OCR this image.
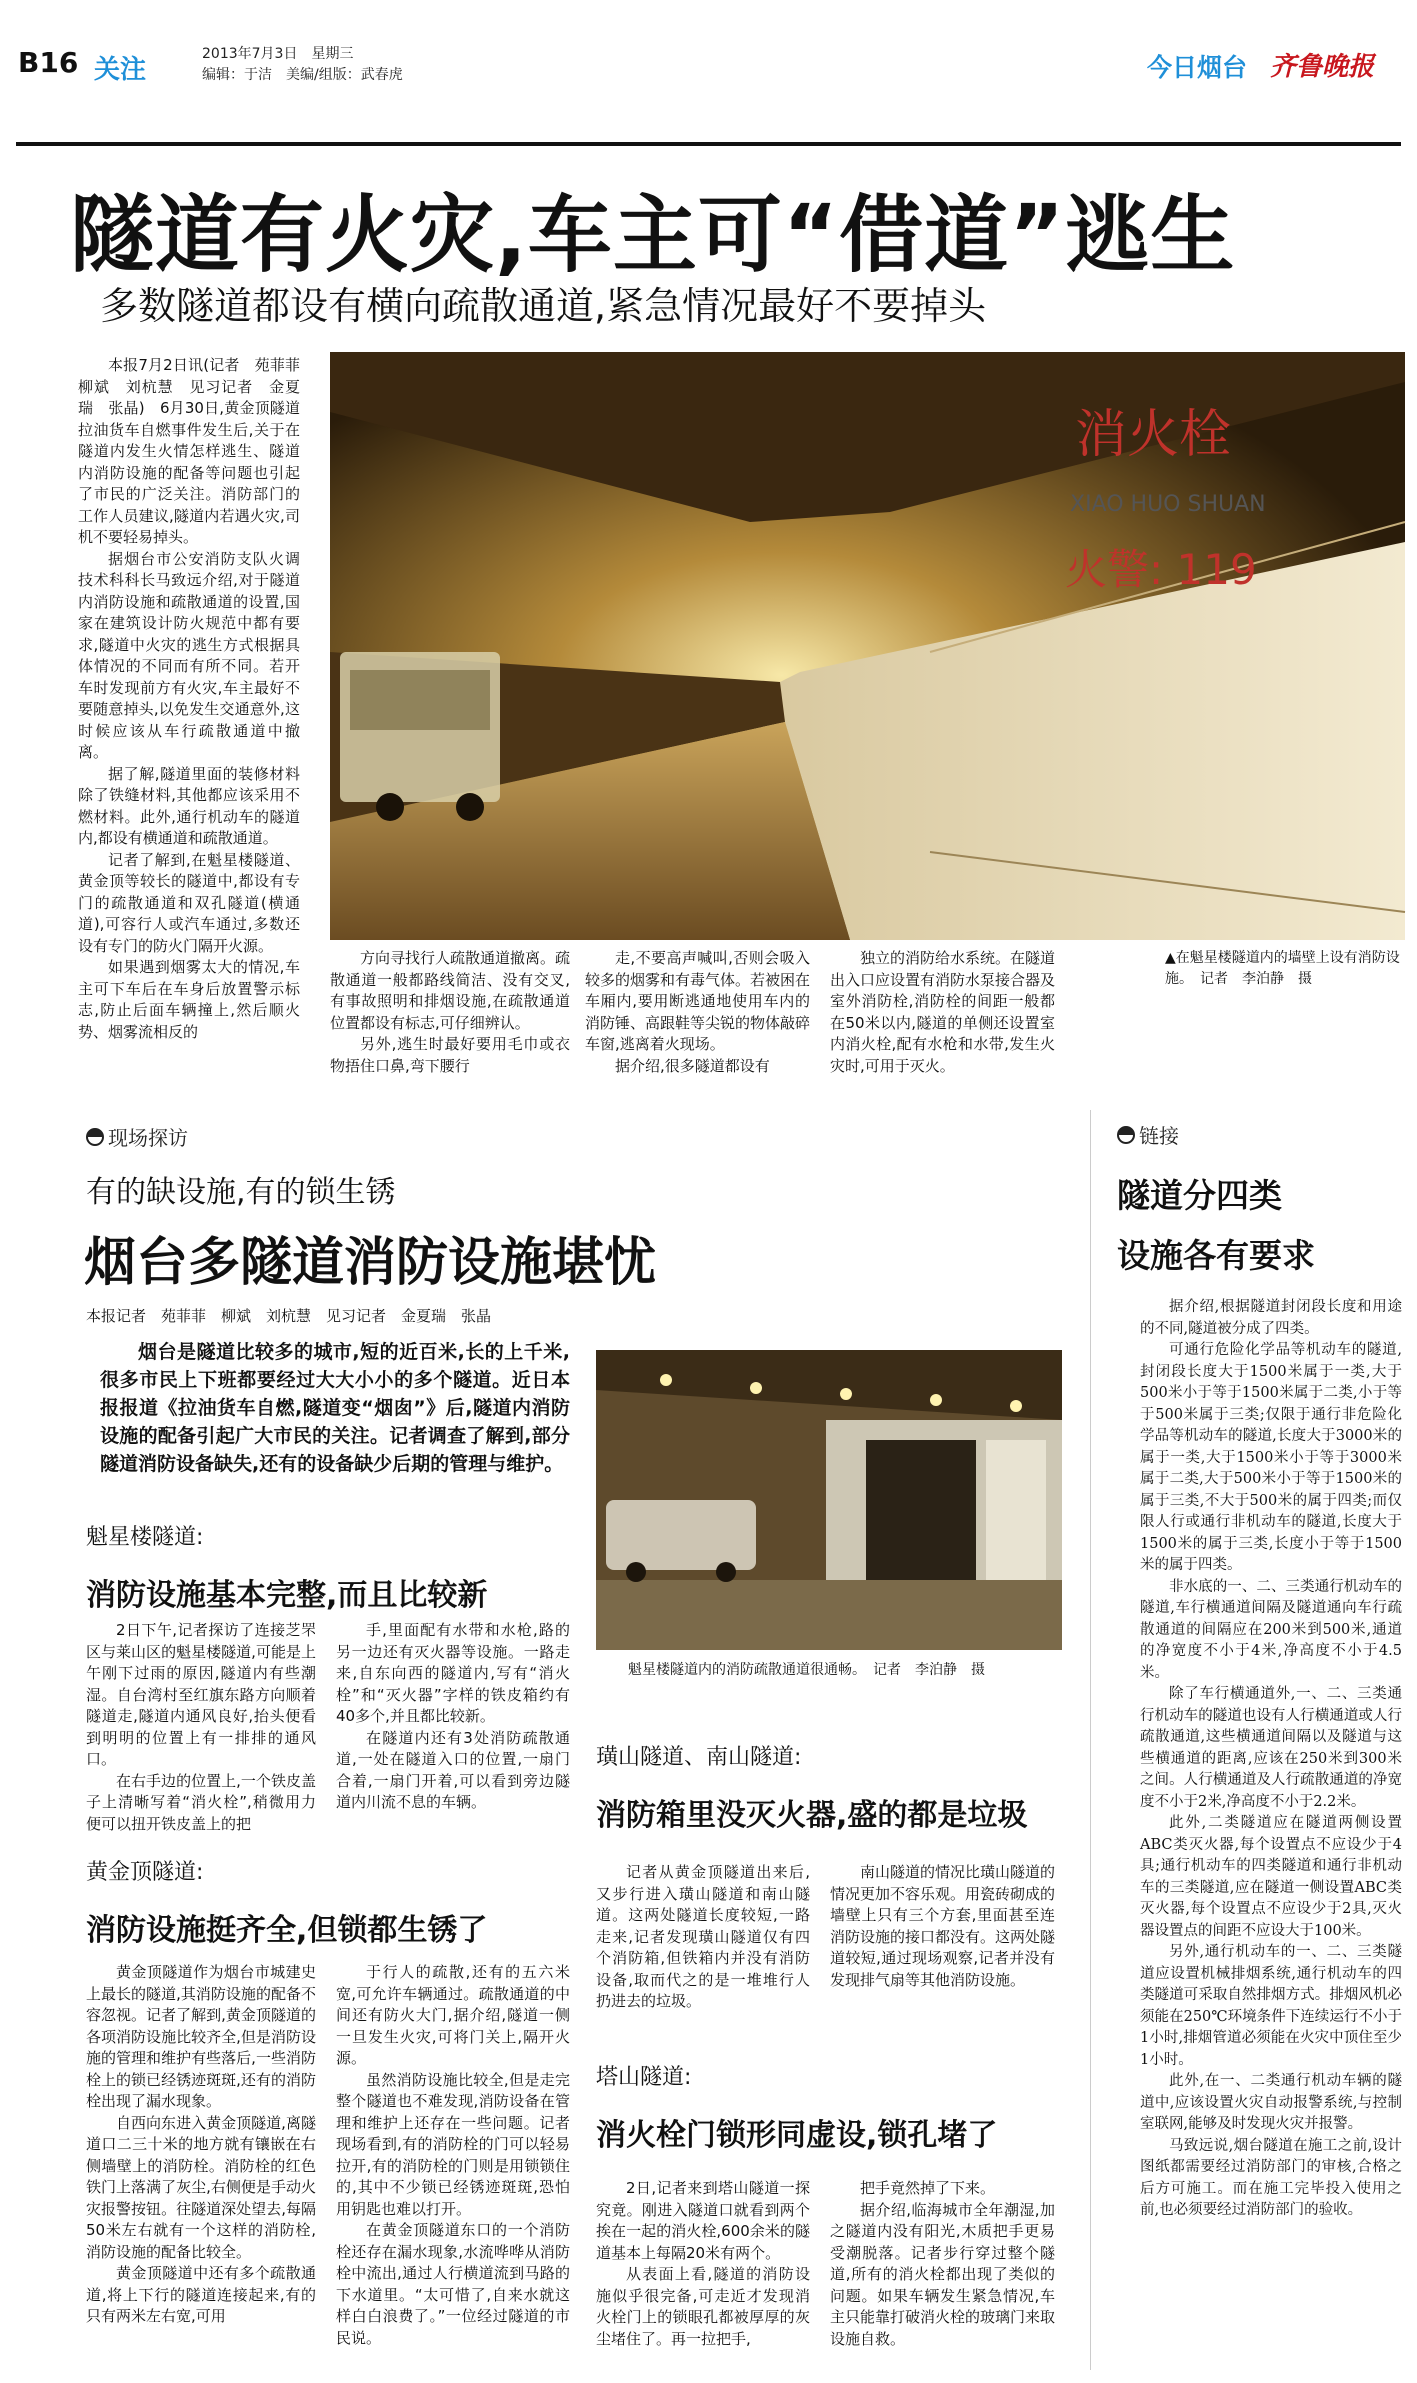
B16 关注
2013年7月3日　星期三
编辑：于洁　美编/组版：武春虎	今日烟台 齐鲁晚报
隧道有火灾,车主可“借道”逃生
多数隧道都设有横向疏散通道,紧急情况最好不要掉头

本报7月2日讯(记者　苑菲菲　柳斌　刘杭慧　见习记者　金夏瑞　张晶)　6月30日,黄金顶隧道拉油货车自燃事件发生后,关于在隧道内发生火情怎样逃生、隧道内消防设施的配备等问题也引起了市民的广泛关注。消防部门的工作人员建议,隧道内若遇火灾,司机不要轻易掉头。

据烟台市公安消防支队火调技术科科长马致远介绍,对于隧道内消防设施和疏散通道的设置,国家在建筑设计防火规范中都有要求,隧道中火灾的逃生方式根据具体情况的不同而有所不同。若开车时发现前方有火灾,车主最好不要随意掉头,以免发生交通意外,这时候应该从车行疏散通道中撤离。

据了解,隧道里面的装修材料除了铁缝材料,其他都应该采用不燃材料。此外,通行机动车的隧道内,都设有横通道和疏散通道。

记者了解到,在魁星楼隧道、黄金顶等较长的隧道中,都设有专门的疏散通道和双孔隧道(横通道),可容行人或汽车通过,多数还设有专门的防火门隔开火源。

如果遇到烟雾太大的情况,车主可下车后在车身后放置警示标志,防止后面车辆撞上,然后顺火势、烟雾流相反的

消火栓
XIAO HUO SHUAN
火警: 119

方向寻找行人疏散通道撤离。疏散通道一般都路线简洁、没有交叉,有事故照明和排烟设施,在疏散通道位置都设有标志,可仔细辨认。

另外,逃生时最好要用毛巾或衣物捂住口鼻,弯下腰行

走,不要高声喊叫,否则会吸入较多的烟雾和有毒气体。若被困在车厢内,要用断逃通地使用车内的消防锤、高跟鞋等尖锐的物体敲碎车窗,逃离着火现场。

据介绍,很多隧道都设有

独立的消防给水系统。在隧道出入口应设置有消防水泵接合器及室外消防栓,消防栓的间距一般都在50米以内,隧道的单侧还设置室内消火栓,配有水枪和水带,发生火灾时,可用于灭火。

▲在魁星楼隧道内的墙壁上设有消防设施。　记者　李泊静　摄
现场探访
有的缺设施,有的锁生锈
烟台多隧道消防设施堪忧
本报记者　苑菲菲　柳斌　刘杭慧　见习记者　金夏瑞　张晶

烟台是隧道比较多的城市,短的近百米,长的上千米,很多市民上下班都要经过大大小小的多个隧道。近日本报报道《拉油货车自燃,隧道变“烟囱”》后,隧道内消防设施的配备引起广大市民的关注。记者调查了解到,部分隧道消防设备缺失,还有的设备缺少后期的管理与维护。

魁星楼隧道内的消防疏散通道很通畅。　记者　李泊静　摄
魁星楼隧道:
消防设施基本完整,而且比较新

2日下午,记者探访了连接芝罘区与莱山区的魁星楼隧道,可能是上午刚下过雨的原因,隧道内有些潮湿。自台湾村至红旗东路方向顺着隧道走,隧道内通风良好,抬头便看到明明的位置上有一排排的通风口。

在右手边的位置上,一个铁皮盖子上清晰写着“消火栓”,稍微用力便可以扭开铁皮盖上的把

手,里面配有水带和水枪,路的另一边还有灭火器等设施。一路走来,自东向西的隧道内,写有“消火栓”和“灭火器”字样的铁皮箱约有40多个,并且都比较新。

在隧道内还有3处消防疏散通道,一处在隧道入口的位置,一扇门合着,一扇门开着,可以看到旁边隧道内川流不息的车辆。

黄金顶隧道:
消防设施挺齐全,但锁都生锈了

黄金顶隧道作为烟台市城建史上最长的隧道,其消防设施的配备不容忽视。记者了解到,黄金顶隧道的各项消防设施比较齐全,但是消防设施的管理和维护有些落后,一些消防栓上的锁已经锈迹斑斑,还有的消防栓出现了漏水现象。

自西向东进入黄金顶隧道,离隧道口二三十米的地方就有镶嵌在右侧墙壁上的消防栓。消防栓的红色铁门上落满了灰尘,右侧便是手动火灾报警按钮。往隧道深处望去,每隔50米左右就有一个这样的消防栓,消防设施的配备比较全。

黄金顶隧道中还有多个疏散通道,将上下行的隧道连接起来,有的只有两米左右宽,可用

于行人的疏散,还有的五六米宽,可允许车辆通过。疏散通道的中间还有防火大门,据介绍,隧道一侧一旦发生火灾,可将门关上,隔开火源。

虽然消防设施比较全,但是走完整个隧道也不难发现,消防设备在管理和维护上还存在一些问题。记者现场看到,有的消防栓的门可以轻易拉开,有的消防栓的门则是用锁锁住的,其中不少锁已经锈迹斑斑,恐怕用钥匙也难以打开。

在黄金顶隧道东口的一个消防栓还存在漏水现象,水流哗哗从消防栓中流出,通过人行横道流到马路的下水道里。“太可惜了,自来水就这样白白浪费了。”一位经过隧道的市民说。

璜山隧道、南山隧道:
消防箱里没灭火器,盛的都是垃圾

记者从黄金顶隧道出来后,又步行进入璜山隧道和南山隧道。这两处隧道长度较短,一路走来,记者发现璜山隧道仅有四个消防箱,但铁箱内并没有消防设备,取而代之的是一堆堆行人扔进去的垃圾。

南山隧道的情况比璜山隧道的情况更加不容乐观。用瓷砖砌成的墙壁上只有三个方套,里面甚至连消防设施的接口都没有。这两处隧道较短,通过现场观察,记者并没有发现排气扇等其他消防设施。

塔山隧道:
消火栓门锁形同虚设,锁孔堵了

2日,记者来到塔山隧道一探究竟。刚进入隧道口就看到两个挨在一起的消火栓,600余米的隧道基本上每隔20米有两个。

从表面上看,隧道的消防设施似乎很完备,可走近才发现消火栓门上的锁眼孔都被厚厚的灰尘堵住了。再一拉把手,

把手竟然掉了下来。

据介绍,临海城市全年潮湿,加之隧道内没有阳光,木质把手更易受潮脱落。记者步行穿过整个隧道,所有的消火栓都出现了类似的问题。如果车辆发生紧急情况,车主只能靠打破消火栓的玻璃门来取设施自救。

链接
隧道分四类
设施各有要求

据介绍,根据隧道封闭段长度和用途的不同,隧道被分成了四类。

可通行危险化学品等机动车的隧道,封闭段长度大于1500米属于一类,大于500米小于等于1500米属于二类,小于等于500米属于三类;仅限于通行非危险化学品等机动车的隧道,长度大于3000米的属于一类,大于1500米小于等于3000米属于二类,大于500米小于等于1500米的属于三类,不大于500米的属于四类;而仅限人行或通行非机动车的隧道,长度大于1500米的属于三类,长度小于等于1500米的属于四类。

非水底的一、二、三类通行机动车的隧道,车行横通道间隔及隧道通向车行疏散通道的间隔应在200米到500米,通道的净宽度不小于4米,净高度不小于4.5米。

除了车行横通道外,一、二、三类通行机动车的隧道也设有人行横通道或人行疏散通道,这些横通道间隔以及隧道与这些横通道的距离,应该在250米到300米之间。人行横通道及人行疏散通道的净宽度不小于2米,净高度不小于2.2米。

此外,二类隧道应在隧道两侧设置ABC类灭火器,每个设置点不应设少于4具;通行机动车的四类隧道和通行非机动车的三类隧道,应在隧道一侧设置ABC类灭火器,每个设置点不应设少于2具,灭火器设置点的间距不应设大于100米。

另外,通行机动车的一、二、三类隧道应设置机械排烟系统,通行机动车的四类隧道可采取自然排烟方式。排烟风机必须能在250℃环境条件下连续运行不小于1小时,排烟管道必须能在火灾中顶住至少1小时。

此外,在一、二类通行机动车辆的隧道中,应该设置火灾自动报警系统,与控制室联网,能够及时发现火灾并报警。

马致远说,烟台隧道在施工之前,设计图纸都需要经过消防部门的审核,合格之后方可施工。而在施工完毕投入使用之前,也必须要经过消防部门的验收。
